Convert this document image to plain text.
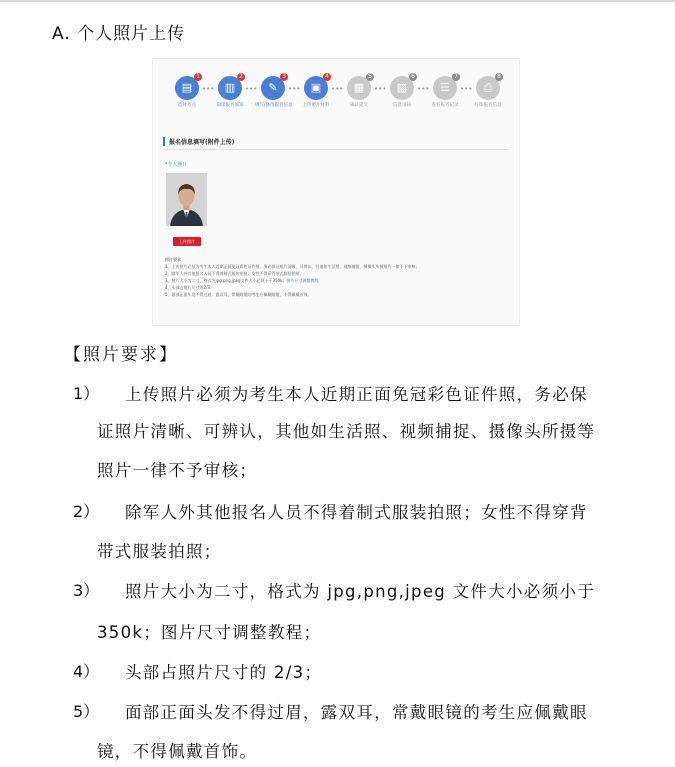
A. 个人照片上传
▤
1
选择考点
••• ▥
2
阅读报名须知
•••	✎
3
填写/修改报名信息
••• ▣
4
上传照片材料
••• ▦
5
确认提交
••• ▧
6
信息审核
••• ☰
7
查看报考记录
•••	⎙
8
打印报名信息
报名信息填写(附件上传)
*个人照片
上传照片
照片要求
1、上传照片必须为考生本人近期正面免冠彩色证件照，务必保证照片清晰，可辨认，其他如生活照、视频捕捉、摄像头所摄照片一律不予审核；
2、除军人外其他报名人员不得着制式服装拍照；女性不得穿背带式服装拍照；
3、照片大小为二寸，格式为jpg,png,jpeg文件大小必须小于350k；图片尺寸调整教程
4、头部占照片尺寸的2/3；
5、面部正面头发不得过眉，露双耳，常戴眼镜的考生应佩戴眼镜，不得佩戴首饰。
【照片要求】
1） 上传照片必须为考生本人近期正面免冠彩色证件照，务必保
证照片清晰、可辨认，其他如生活照、视频捕捉、摄像头所摄等
照片一律不予审核；
2） 除军人外其他报名人员不得着制式服装拍照；女性不得穿背
带式服装拍照；
3） 照片大小为二寸，格式为 jpg,png,jpeg 文件大小必须小于
350k；图片尺寸调整教程；
4） 头部占照片尺寸的 2/3；
5） 面部正面头发不得过眉，露双耳，常戴眼镜的考生应佩戴眼
镜，不得佩戴首饰。
